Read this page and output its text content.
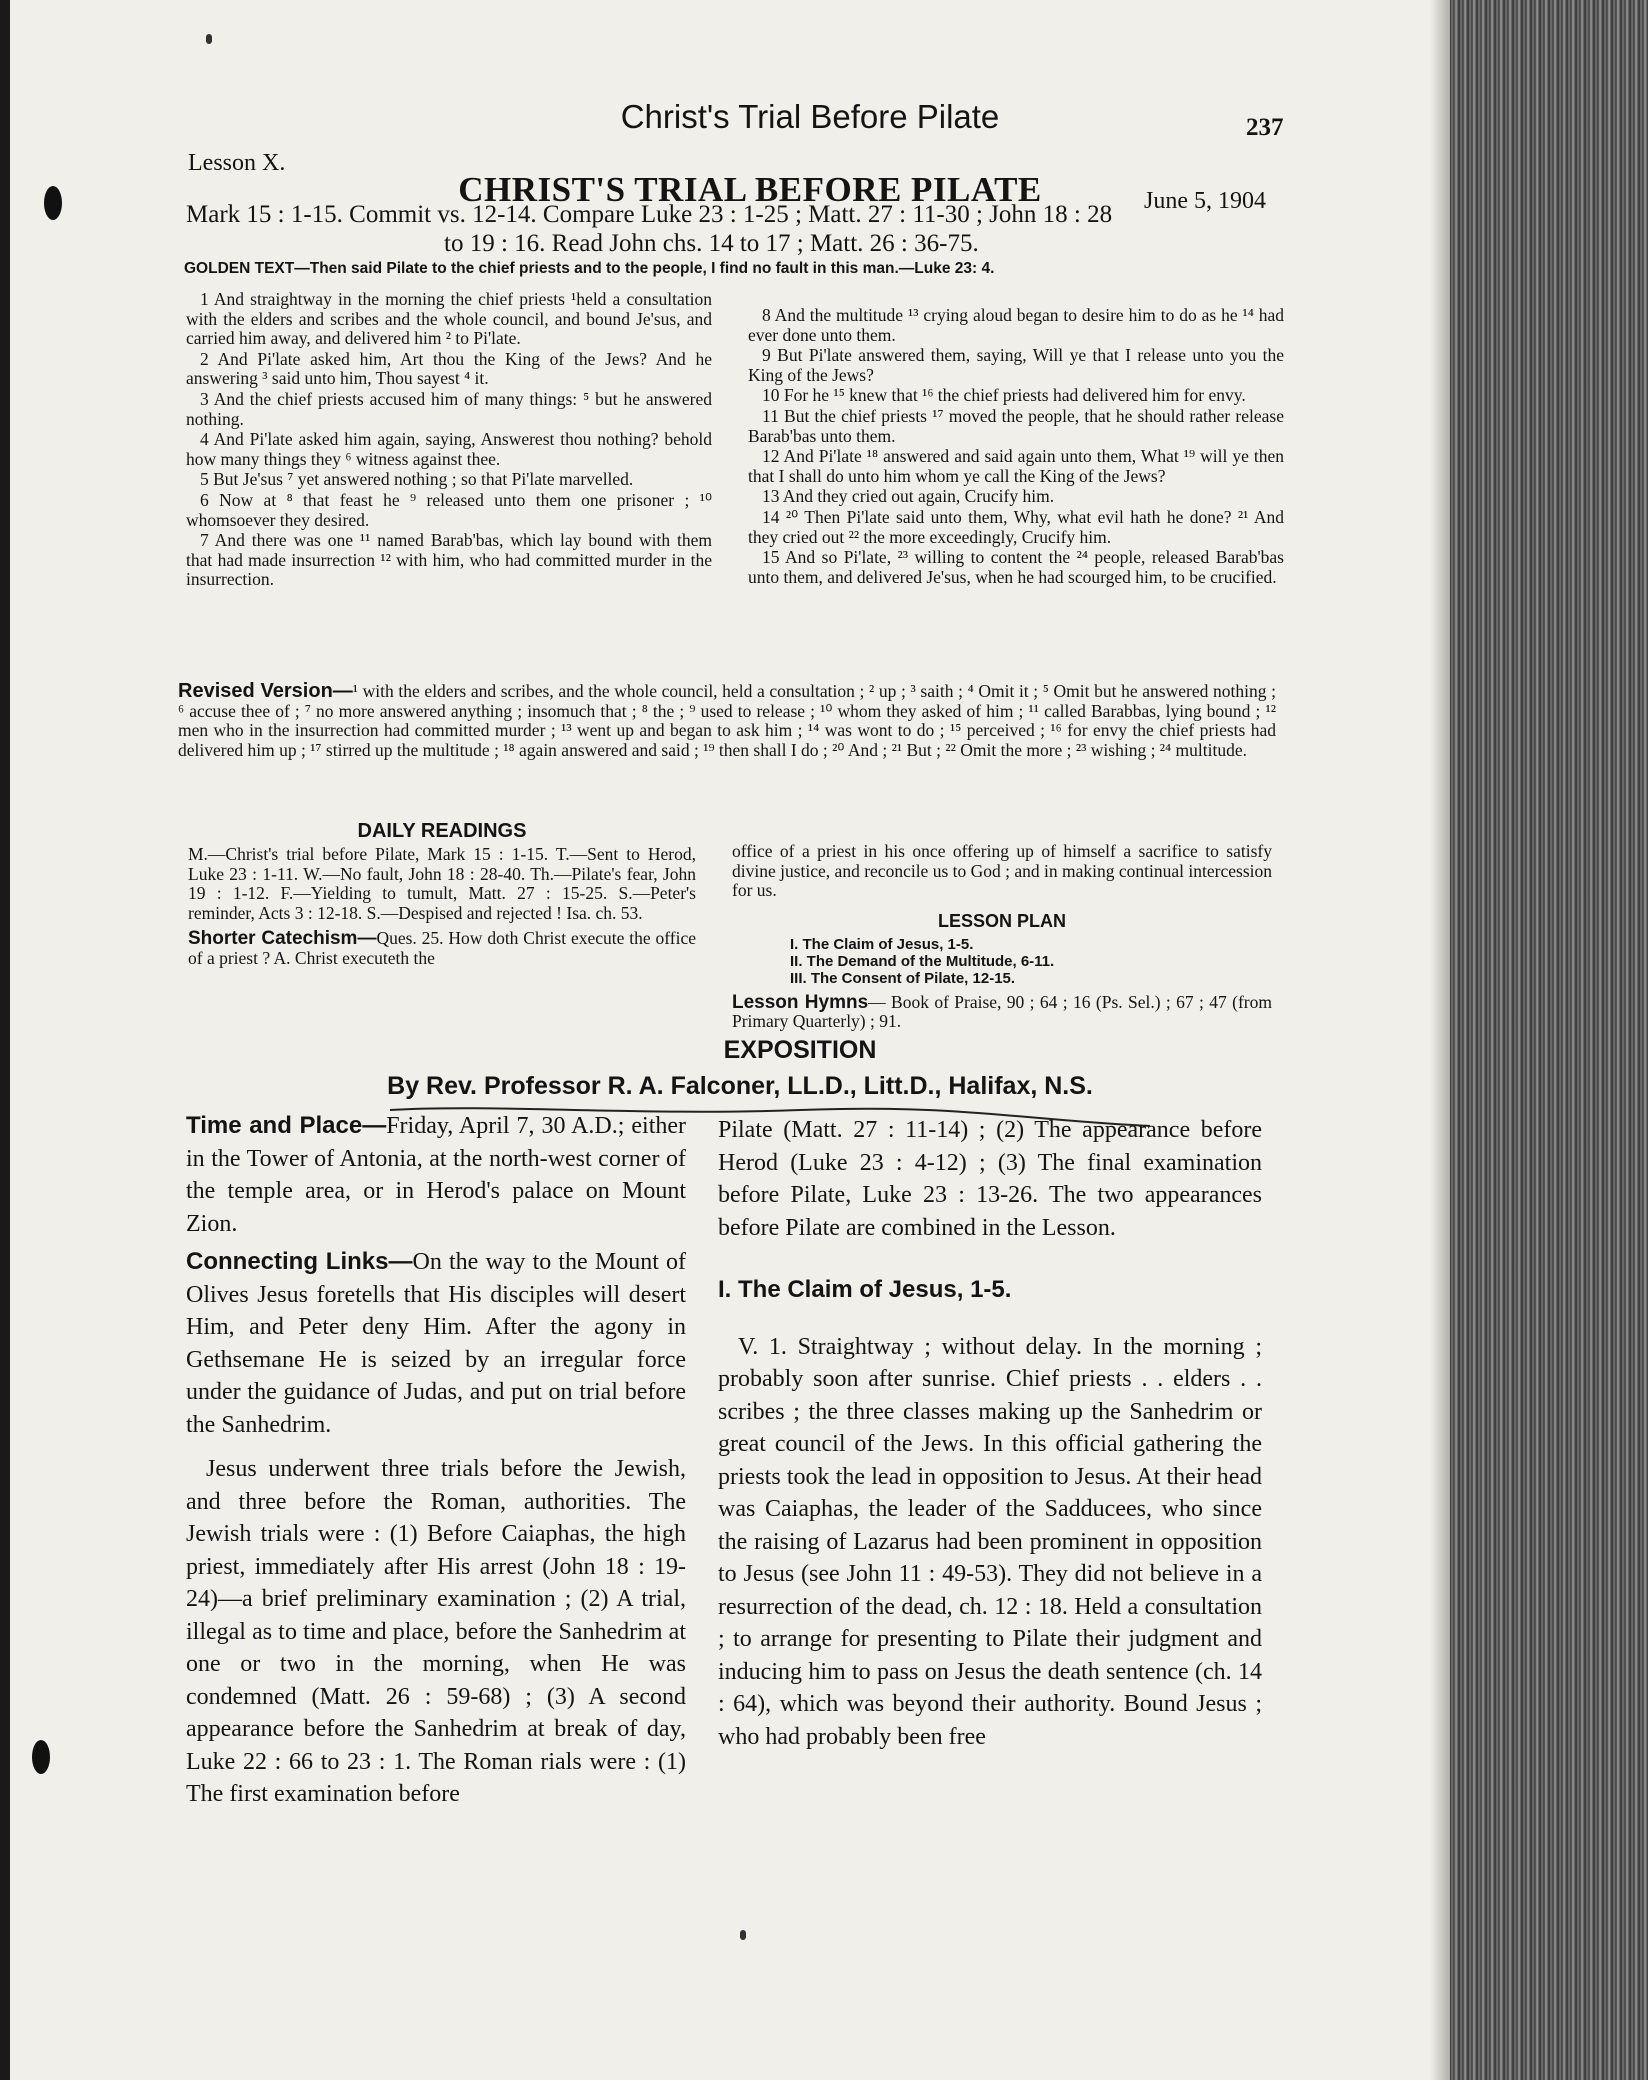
Christ's Trial Before Pilate	237
Lesson X.
CHRIST'S TRIAL BEFORE PILATE	June 5, 1904
Mark 15 : 1-15. Commit vs. 12-14. Compare Luke 23 : 1-25 ; Matt. 27 : 11-30 ; John 18 : 28
to 19 : 16. Read John chs. 14 to 17 ; Matt. 26 : 36-75.
GOLDEN TEXT—Then said Pilate to the chief priests and to the people, I find no fault in this man.—Luke 23: 4.

1 And straightway in the morning the chief priests ¹held a consultation with the elders and scribes and the whole council, and bound Je'sus, and carried him away, and delivered him ² to Pi'late.

2 And Pi'late asked him, Art thou the King of the Jews? And he answering ³ said unto him, Thou sayest ⁴ it.

3 And the chief priests accused him of many things: ⁵ but he answered nothing.

4 And Pi'late asked him again, saying, Answerest thou nothing? behold how many things they ⁶ witness against thee.

5 But Je'sus ⁷ yet answered nothing ; so that Pi'late marvelled.

6 Now at ⁸ that feast he ⁹ released unto them one prisoner ; ¹⁰ whomsoever they desired.

7 And there was one ¹¹ named Barab'bas, which lay bound with them that had made insurrection ¹² with him, who had committed murder in the insurrection.

8 And the multitude ¹³ crying aloud began to desire him to do as he ¹⁴ had ever done unto them.

9 But Pi'late answered them, saying, Will ye that I release unto you the King of the Jews?

10 For he ¹⁵ knew that ¹⁶ the chief priests had delivered him for envy.

11 But the chief priests ¹⁷ moved the people, that he should rather release Barab'bas unto them.

12 And Pi'late ¹⁸ answered and said again unto them, What ¹⁹ will ye then that I shall do unto him whom ye call the King of the Jews?

13 And they cried out again, Crucify him.

14 ²⁰ Then Pi'late said unto them, Why, what evil hath he done? ²¹ And they cried out ²² the more exceedingly, Crucify him.

15 And so Pi'late, ²³ willing to content the ²⁴ people, released Barab'bas unto them, and delivered Je'sus, when he had scourged him, to be crucified.

Revised Version—¹ with the elders and scribes, and the whole council, held a consultation ; ² up ; ³ saith ; ⁴ Omit it ; ⁵ Omit but he answered nothing ; ⁶ accuse thee of ; ⁷ no more answered anything ; insomuch that ; ⁸ the ; ⁹ used to release ; ¹⁰ whom they asked of him ; ¹¹ called Barabbas, lying bound ; ¹² men who in the insurrection had committed murder ; ¹³ went up and began to ask him ; ¹⁴ was wont to do ; ¹⁵ perceived ; ¹⁶ for envy the chief priests had delivered him up ; ¹⁷ stirred up the multitude ; ¹⁸ again answered and said ; ¹⁹ then shall I do ; ²⁰ And ; ²¹ But ; ²² Omit the more ; ²³ wishing ; ²⁴ multitude.
DAILY READINGS
M.—Christ's trial before Pilate, Mark 15 : 1-15. T.—Sent to Herod, Luke 23 : 1-11. W.—No fault, John 18 : 28-40. Th.—Pilate's fear, John 19 : 1-12. F.—Yielding to tumult, Matt. 27 : 15-25. S.—Peter's reminder, Acts 3 : 12-18. S.—Despised and rejected ! Isa. ch. 53.
Shorter Catechism—Ques. 25. How doth Christ execute the office of a priest ? A. Christ executeth the
office of a priest in his once offering up of himself a sacrifice to satisfy divine justice, and reconcile us to God ; and in making continual intercession for us.
LESSON PLAN
I. The Claim of Jesus, 1-5.
II. The Demand of the Multitude, 6-11.
III. The Consent of Pilate, 12-15.
Lesson Hymns— Book of Praise, 90 ; 64 ; 16 (Ps. Sel.) ; 67 ; 47 (from Primary Quarterly) ; 91.
EXPOSITION
By Rev. Professor R. A. Falconer, LL.D., Litt.D., Halifax, N.S.

Time and Place—Friday, April 7, 30 A.D.; either in the Tower of Antonia, at the north-west corner of the temple area, or in Herod's palace on Mount Zion.

Connecting Links—On the way to the Mount of Olives Jesus foretells that His disciples will desert Him, and Peter deny Him. After the agony in Gethsemane He is seized by an irregular force under the guidance of Judas, and put on trial before the Sanhedrim.

Jesus underwent three trials before the Jewish, and three before the Roman, authorities. The Jewish trials were : (1) Before Caiaphas, the high priest, immediately after His arrest (John 18 : 19-24)—a brief preliminary examination ; (2) A trial, illegal as to time and place, before the Sanhedrim at one or two in the morning, when He was condemned (Matt. 26 : 59-68) ; (3) A second appearance before the Sanhedrim at break of day, Luke 22 : 66 to 23 : 1. The Roman rials were : (1) The first examination before

Pilate (Matt. 27 : 11-14) ; (2) The appearance before Herod (Luke 23 : 4-12) ; (3) The final examination before Pilate, Luke 23 : 13-26. The two appearances before Pilate are combined in the Lesson.

I. The Claim of Jesus, 1-5.

V. 1. Straightway ; without delay. In the morning ; probably soon after sunrise. Chief priests . . elders . . scribes ; the three classes making up the Sanhedrim or great council of the Jews. In this official gathering the priests took the lead in opposition to Jesus. At their head was Caiaphas, the leader of the Sadducees, who since the raising of Lazarus had been prominent in opposition to Jesus (see John 11 : 49-53). They did not believe in a resurrection of the dead, ch. 12 : 18. Held a consultation ; to arrange for presenting to Pilate their judgment and inducing him to pass on Jesus the death sentence (ch. 14 : 64), which was beyond their authority. Bound Jesus ; who had probably been free
